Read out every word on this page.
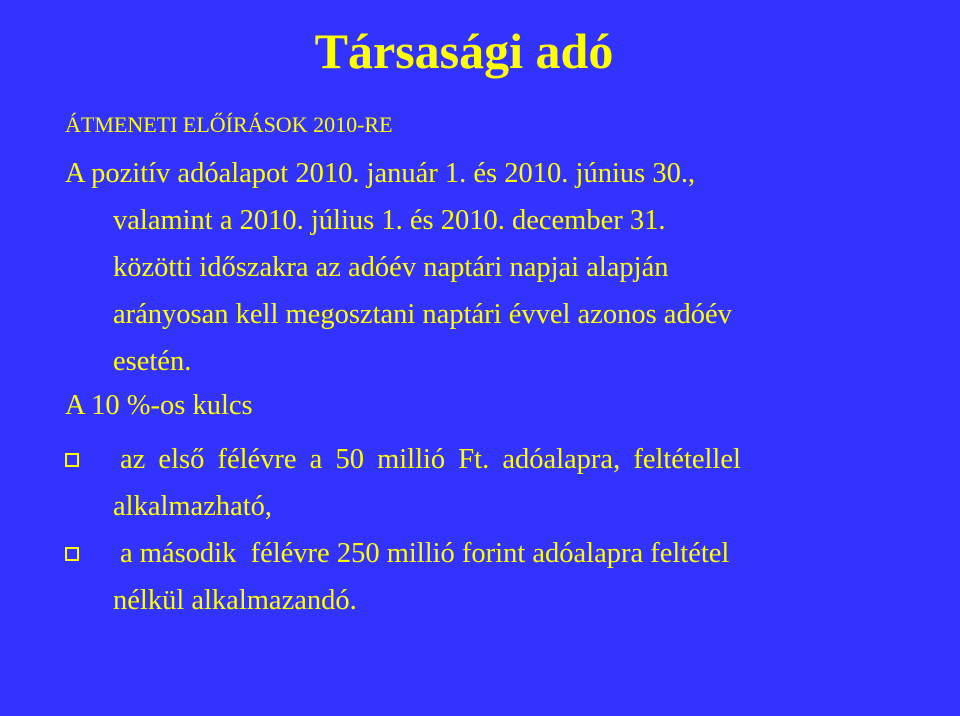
Társasági adó
ÁTMENETI ELŐÍRÁSOK 2010-RE

A pozitív adóalapot 2010. január 1. és 2010. június 30.,
valamint a 2010. július 1. és 2010. december 31.
közötti időszakra az adóév naptári napjai alapján
arányosan kell megosztani naptári évvel azonos adóév
esetén.

A 10 %-os kulcs
az első félévre a 50 millió Ft. adóalapra, feltétellel
alkalmazható,
a második  félévre 250 millió forint adóalapra feltétel
nélkül alkalmazandó.
